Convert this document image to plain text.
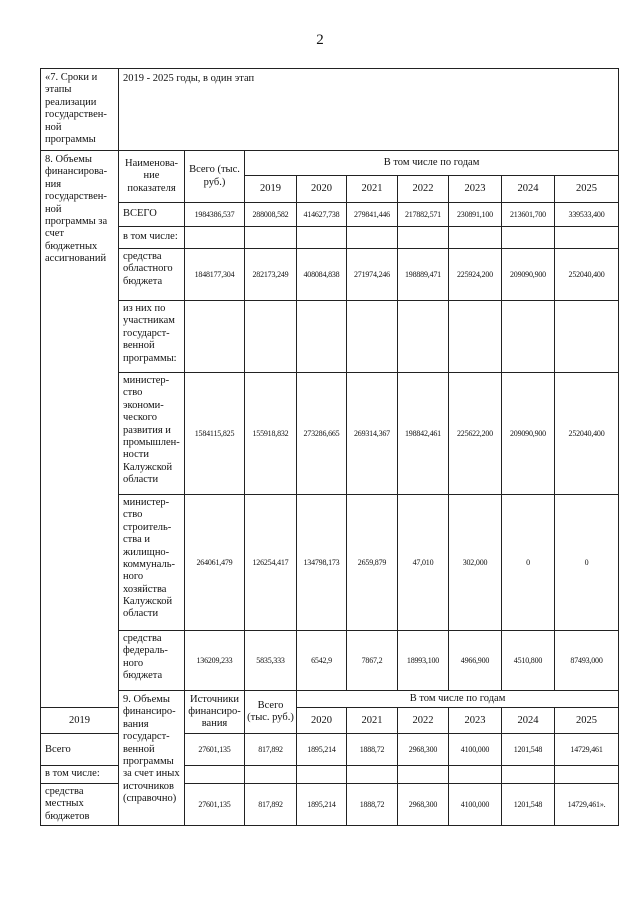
2
«7. Сроки и этапы реализации государствен-ной программы	2019 - 2025 годы, в один этап								
8. Объемы финансирова-ния государствен-ной программы за счет бюджетных ассигнований	Наименова-ние показателя	Всего (тыс. руб.)	В том числе по годам						
			2019	2020	2021	2022	2023	2024	2025
	ВСЕГО	1984386,537	288008,582	414627,738	279841,446	217882,571	230891,100	213601,700	339533,400
	в том числе:								
	средства областного бюджета	1848177,304	282173,249	408084,838	271974,246	198889,471	225924,200	209090,900	252040,400
	из них по участникам государст-венной программы:								
	министер-ство экономи-ческого развития и промышлен-ности Калужской области	1584115,825	155918,832	273286,665	269314,367	198842,461	225622,200	209090,900	252040,400
	министер-ство строитель-ства и жилищно-коммуналь-ного хозяйства Калужской области	264061,479	126254,417	134798,173	2659,879	47,010	302,000	0	0
	средства федераль-ного бюджета	136209,233	5835,333	6542,9	7867,2	18993,100	4966,900	4510,800	87493,000
	9. Объемы финансиро-вания государст-венной программы за счет иных источников (справочно)	Источники финансиро-вания	Всего (тыс. руб.)	В том числе по годам					
2019				2020	2021	2022	2023	2024	2025
Всего		27601,135	817,892	1895,214	1888,72	2968,300	4100,000	1201,548	14729,461
в том числе:									
средства местных бюджетов		27601,135	817,892	1895,214	1888,72	2968,300	4100,000	1201,548	14729,461».
